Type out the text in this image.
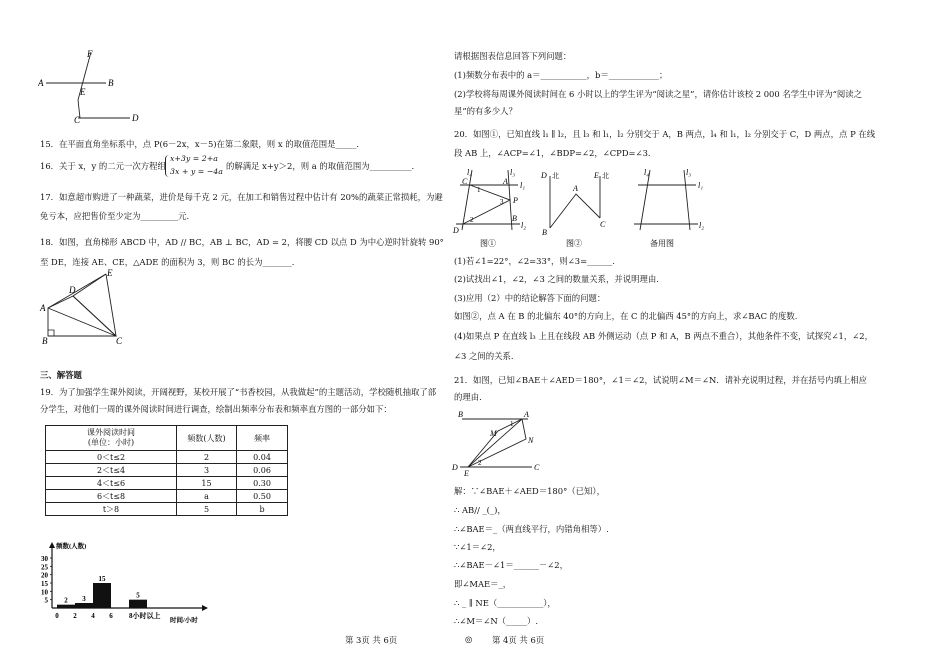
F
A
E
B
C	D
15．在平面直角坐标系中，点 P(6－2x，x－5)在第二象限，则 x 的取值范围是_____.
16．关于 x，y 的二元一次方程组
x+3y = 2+a
3x + y = −4a
的解满足 x+y＞2，则 a 的取值范围为__________.
17．如意超市购进了一种蔬菜，进价是每千克 2 元，在加工和销售过程中估计有 20%的蔬菜正常损耗，为避
免亏本，应把售价至少定为_________元.
18．如图，直角梯形 ABCD 中，AD // BC，AB ⊥ BC，AD = 2，将腰 CD 以点 D 为中心逆时针旋转 90°
至 DE，连接 AE、CE，△ADE 的面积为 3，则 BC 的长为_______.
A
B	C
D
E
三、解答题
19．为了加强学生课外阅读，开阔视野，某校开展了“书香校园，从我做起”的主题活动，学校随机抽取了部
分学生，对他们一周的课外阅读时间进行调查，绘制出频率分布表和频率直方图的一部分如下：
课外阅读时间
(单位：小时)	频数(人数)	频率
0＜t≤2	2	0.04
2＜t≤4	3	0.06
4＜t≤6	15	0.30
6＜t≤8	a	0.50
t＞8	5	b
频数(人数)
时间/小时
5
10
15
20
25
30
2 3
15
5
0 2 4 6 8小时以上
请根据图表信息回答下列问题：
(1)频数分布表中的 a＝___________，b＝____________；
(2)学校将每周课外阅读时间在 6 小时以上的学生评为“阅读之星”，请你估计该校 2 000 名学生中评为“阅读之
星”的有多少人？
20．如图①，已知直线 l₁ ∥ l₂，且 l₃ 和 l₁，l₂ 分别交于 A，B 两点，l₄ 和 l₁，l₂ 分别交于 C，D 两点，点 P 在线
段 AB 上，∠ACP=∠1，∠BDP=∠2，∠CPD=∠3.
l₄	l₃
l₁
l₂
C	A
P
D
B
1
2
3
图①
D 北	E 北
A
B
C
图②
l₄	l₃
l₁
l₂
备用图
(1)若∠1=22°，∠2=33°，则∠3=______.
(2)试找出∠1，∠2，∠3 之间的数量关系，并说明理由.
(3)应用（2）中的结论解答下面的问题：
如图②，点 A 在 B 的北偏东 40°的方向上，在 C 的北偏西 45°的方向上，求∠BAC 的度数.
(4)如果点 P 在直线 l₃ 上且在线段 AB 外侧运动（点 P 和 A，B 两点不重合），其他条件不变，试探究∠1，∠2，
∠3 之间的关系.
21．如图，已知∠BAE＋∠AED＝180°，∠1＝∠2，试说明∠M＝∠N．请补充说明过程，并在括号内填上相应
的理由.
B	A
M
N
D
E
C
1
2
解：∵∠BAE＋∠AED＝180°（已知），
∴ AB// _(_)，
∴∠BAE＝_（两直线平行，内错角相等）.
∵∠1＝∠2，
∴∠BAE－∠1＝______－∠2，
即∠MAE＝_，
∴ _ ∥ NE（___________），
∴∠M＝∠N（_____）.
第 3页 共 6页	◎ 第 4页 共 6页
